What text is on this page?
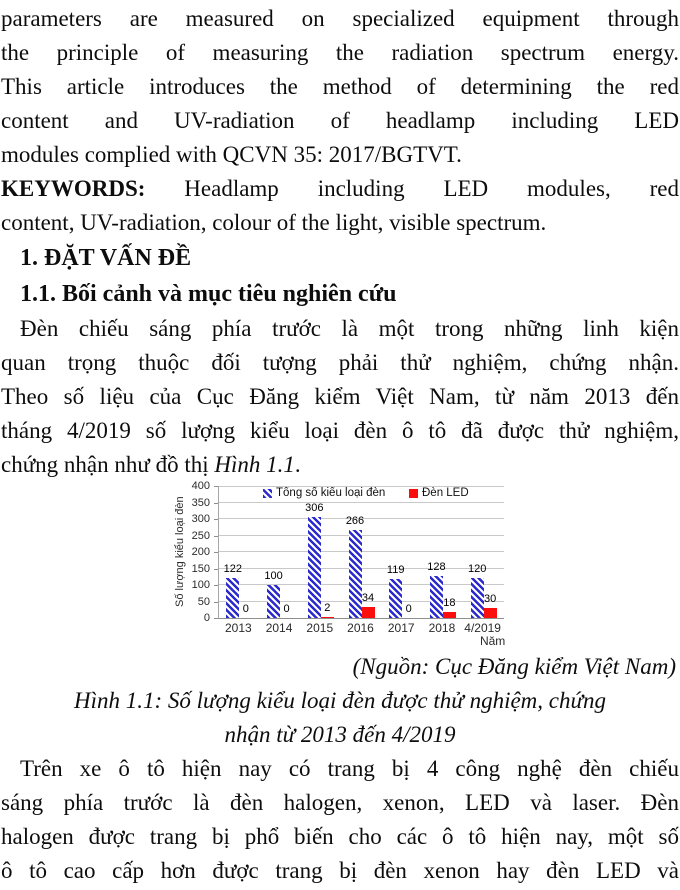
parameters are measured on specialized equipment through
the principle of measuring the radiation spectrum energy.
This article introduces the method of determining the red
content and UV-radiation of headlamp including LED
modules complied with QCVN 35: 2017/BGTVT.
KEYWORDS: Headlamp including LED modules, red
content, UV-radiation, colour of the light, visible spectrum.
1. ĐẶT VẤN ĐỀ
1.1. Bối cảnh và mục tiêu nghiên cứu
Đèn chiếu sáng phía trước là một trong những linh kiện
quan trọng thuộc đối tượng phải thử nghiệm, chứng nhận.
Theo số liệu của Cục Đăng kiểm Việt Nam, từ năm 2013 đến
tháng 4/2019 số lượng kiểu loại đèn ô tô đã được thử nghiệm,
chứng nhận như đồ thị Hình 1.1.
Số lượng kiểu loại đèn
Tổng số kiểu loại đèn	Đèn LED
122
0
100
0
306
2
266
34
119
0
128
18
120
30
Năm
0
50
100
150
200
250
300
350
400
2013	2014	2015	2016	2017	2018 4/2019
(Nguồn: Cục Đăng kiểm Việt Nam)
Hình 1.1: Số lượng kiểu loại đèn được thử nghiệm, chứng
nhận từ 2013 đến 4/2019
Trên xe ô tô hiện nay có trang bị 4 công nghệ đèn chiếu
sáng phía trước là đèn halogen, xenon, LED và laser. Đèn
halogen được trang bị phổ biến cho các ô tô hiện nay, một số
ô tô cao cấp hơn được trang bị đèn xenon hay đèn LED và
